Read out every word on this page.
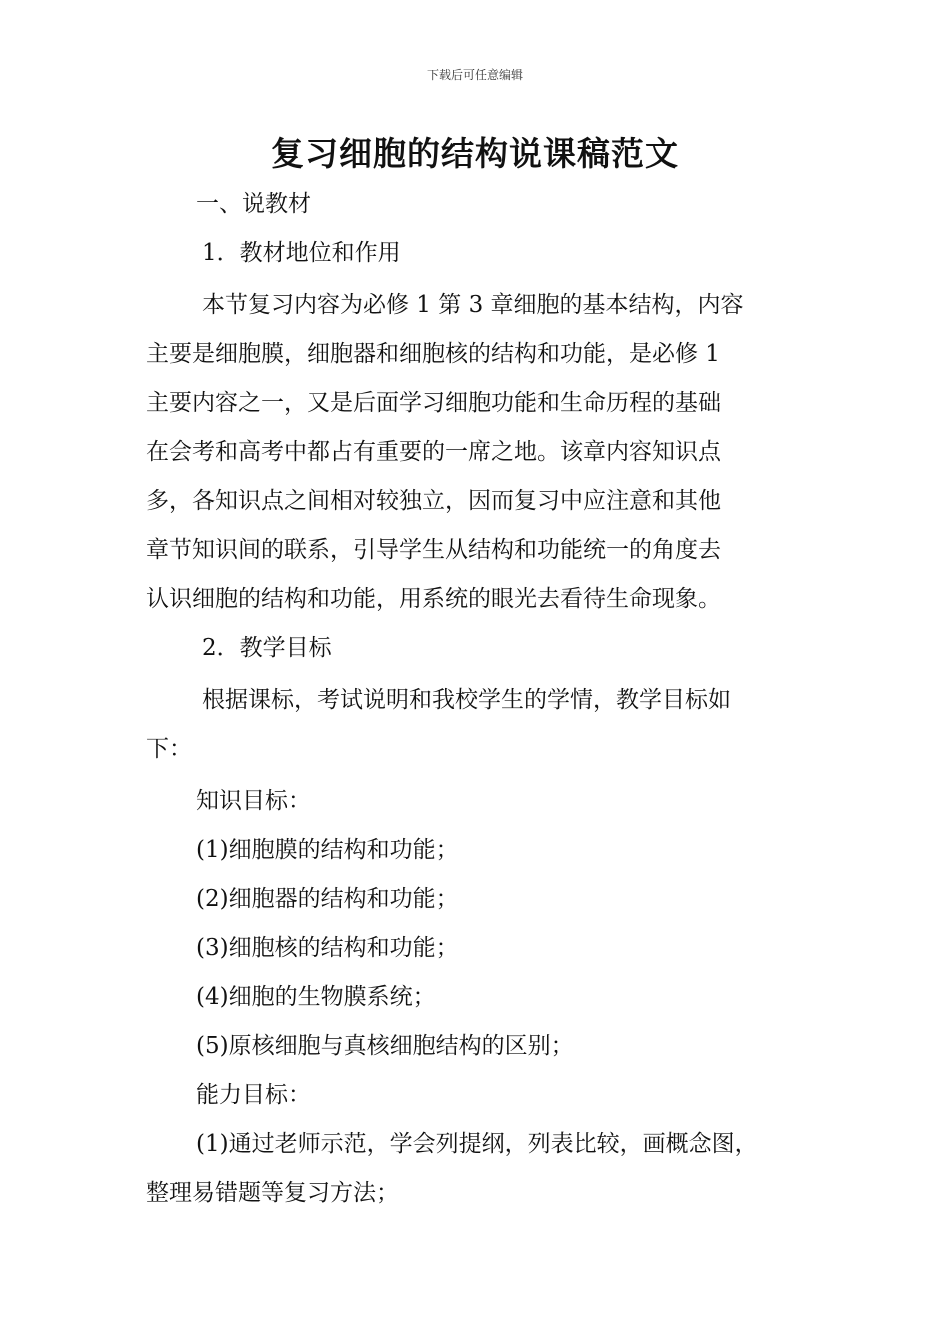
下载后可任意编辑
复习细胞的结构说课稿范文
一、说教材
1．教材地位和作用
本节复习内容为必修 1 第 3 章细胞的基本结构，内容
主要是细胞膜，细胞器和细胞核的结构和功能，是必修 1
主要内容之一，又是后面学习细胞功能和生命历程的基础
在会考和高考中都占有重要的一席之地。该章内容知识点
多，各知识点之间相对较独立，因而复习中应注意和其他
章节知识间的联系，引导学生从结构和功能统一的角度去
认识细胞的结构和功能，用系统的眼光去看待生命现象。
2．教学目标
根据课标，考试说明和我校学生的学情，教学目标如
下：
知识目标：
(1)细胞膜的结构和功能；
(2)细胞器的结构和功能；
(3)细胞核的结构和功能；
(4)细胞的生物膜系统；
(5)原核细胞与真核细胞结构的区别；
能力目标：
(1)通过老师示范，学会列提纲，列表比较，画概念图，
整理易错题等复习方法；
